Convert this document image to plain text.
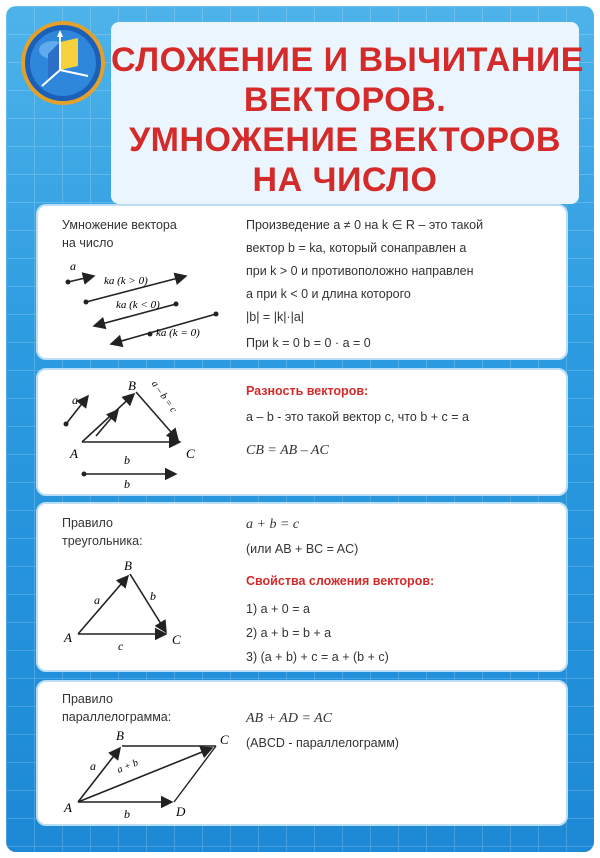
СЛОЖЕНИЕ И ВЫЧИТАНИЕ
ВЕКТОРОВ.
УМНОЖЕНИЕ ВЕКТОРОВ
НА ЧИСЛО
Умножение вектора
на число
a
ka (k > 0)
ka (k < 0)
ka (k = 0)
Произведение a ≠ 0 на k ∈ R – это такой
вектор b = ka, который сонаправлен a
при k > 0 и противоположно направлен
a при k < 0 и длина которого
|b| = |k|·|a|
При k = 0 b = 0 · a = 0
a
b
b
a – b = c
A
B
C
Разность векторов:
a – b - это такой вектор c, что b + c = a
CB = AB – AC
Правило
треугольника:
a	b
c
A
B
C
a + b = c
(или AB + BC = AC)
Свойства сложения векторов:
1) a + 0 = a
2) a + b = b + a
3) (a + b) + c = a + (b + c)
Правило
параллелограмма:
a
b
a + b
A
B	C
D
AB + AD = AC
(ABCD - параллелограмм)
